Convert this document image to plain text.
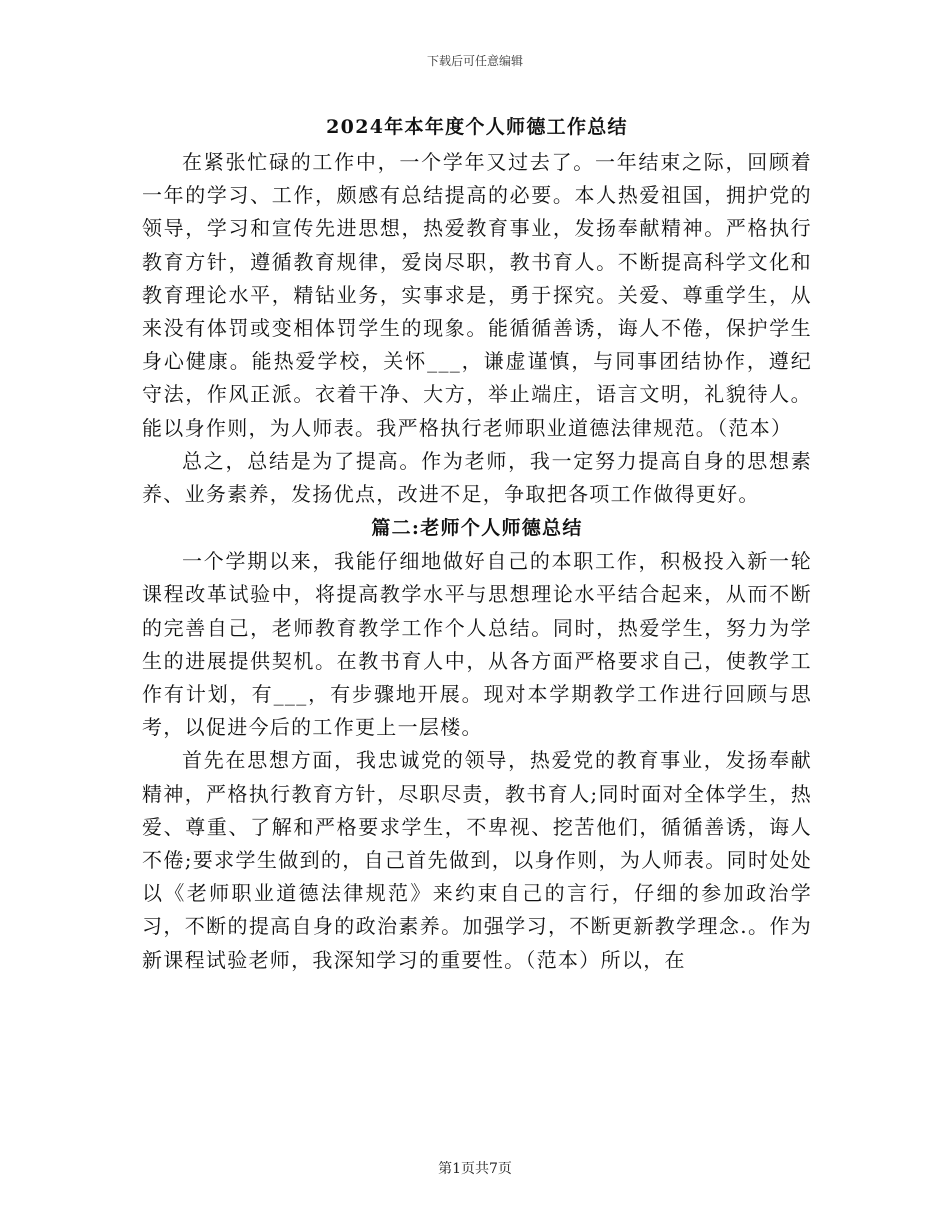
下载后可任意编辑
2024年本年度个人师德工作总结

在紧张忙碌的工作中，一个学年又过去了。一年结束之际，回顾着一年的学习、工作，颇感有总结提高的必要。本人热爱祖国，拥护党的领导，学习和宣传先进思想，热爱教育事业，发扬奉献精神。严格执行教育方针，遵循教育规律，爱岗尽职，教书育人。不断提高科学文化和教育理论水平，精钻业务，实事求是，勇于探究。关爱、尊重学生，从来没有体罚或变相体罚学生的现象。能循循善诱，诲人不倦，保护学生身心健康。能热爱学校，关怀___，谦虚谨慎，与同事团结协作，遵纪守法，作风正派。衣着干净、大方，举止端庄，语言文明，礼貌待人。能以身作则，为人师表。我严格执行老师职业道德法律规范。（范本）

总之，总结是为了提高。作为老师，我一定努力提高自身的思想素养、业务素养，发扬优点，改进不足，争取把各项工作做得更好。

篇二:老师个人师德总结

一个学期以来，我能仔细地做好自己的本职工作，积极投入新一轮课程改革试验中，将提高教学水平与思想理论水平结合起来，从而不断的完善自己，老师教育教学工作个人总结。同时，热爱学生，努力为学生的进展提供契机。在教书育人中，从各方面严格要求自己，使教学工作有计划，有___，有步骤地开展。现对本学期教学工作进行回顾与思考，以促进今后的工作更上一层楼。

首先在思想方面，我忠诚党的领导，热爱党的教育事业，发扬奉献精神，严格执行教育方针，尽职尽责，教书育人;同时面对全体学生，热爱、尊重、了解和严格要求学生，不卑视、挖苦他们，循循善诱，诲人不倦;要求学生做到的，自己首先做到，以身作则，为人师表。同时处处以《老师职业道德法律规范》来约束自己的言行，仔细的参加政治学习，不断的提高自身的政治素养。加强学习，不断更新教学理念.。作为新课程试验老师，我深知学习的重要性。（范本）所以，在

第1页共7页
